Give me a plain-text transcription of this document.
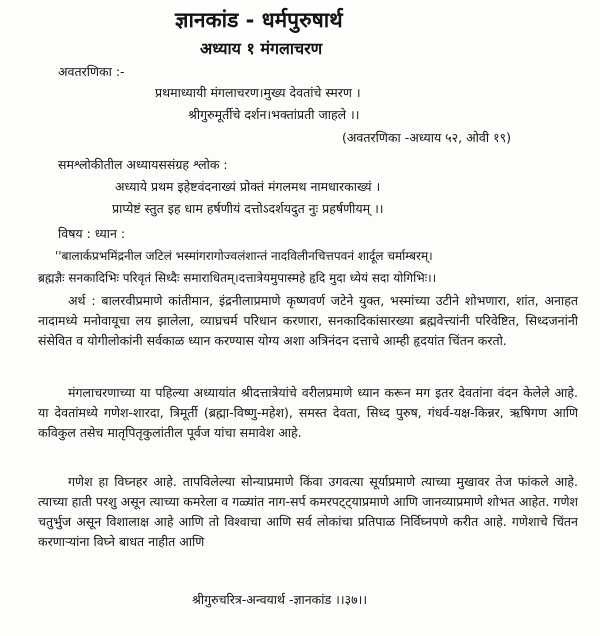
ज्ञानकांड - धर्मपुरुषार्थ
अध्याय १ मंगलाचरण
अवतरणिका :-
प्रथमाध्यायी मंगलाचरण।मुख्य देवतांचे स्मरण ।
श्रीगुरुमूर्तीचे दर्शन।भक्तांप्रती जाहले ।।
(अवतरणिका -अध्याय ५२, ओवी १९)
समश्लोकीतील अध्यायससंग्रह श्लोक :
अध्याये प्रथम इहेष्टवंदनाख्यं प्रोक्तं मंगलमथ नामधारकाख्यं ।
प्राप्येष्टं स्तुत इह धाम हर्षणीयं दत्तोऽदर्शयदुत नुः प्रहर्षणीयम् ।।
विषय : ध्यान :
''बालार्कप्रभमिंद्रनील जटिलं भस्मांगरागोज्वलंशान्तं नादविलीनचित्तपवनं शार्दूल चर्माम्बरम्।
ब्रह्मज्ञैः सनकादिभिः परिवृतं सिध्दैः समाराधितम्।दत्तात्रेयमुपास्महे हृदि मुदा ध्येयं सदा योगिभिः।।
अर्थ : बालरवीप्रमाणे कांतीमान, इंद्रनीलाप्रमाणे कृष्णवर्ण जटेने युक्त, भस्मांच्या उटीने शोभणारा, शांत, अनाहत नादामध्ये मनोवायूचा लय झालेला, व्याघ्रचर्म परिधान करणारा, सनकादिकांसारख्या ब्रह्मवेत्त्यांनी परिवेष्टित, सिध्दजनांनी संसेवित व योगीलोकांनी सर्वकाळ ध्यान करण्यास योग्य अशा अत्रिनंदन दत्ताचे आम्ही हृदयांत चिंतन करतो.
मंगलाचरणाच्या या पहिल्या अध्यायांत श्रीदत्तात्रेयांचे वरीलप्रमाणे ध्यान करून मग इतर देवतांना वंदन केलेले आहे. या देवतांमध्ये गणेश-शारदा, त्रिमूर्ती (ब्रह्मा-विष्णु-महेश), समस्त देवता, सिध्द पुरुष, गंधर्व-यक्ष-किन्नर, ऋषिगण आणि कविकुल तसेच मातृपितृकुलांतील पूर्वज यांचा समावेश आहे.
गणेश हा विघ्नहर आहे. तापविलेल्या सोन्याप्रमाणे किंवा उगवत्या सूर्याप्रमाणे त्याच्या मुखावर तेज फांकले आहे. त्याच्या हाती परशु असून त्याच्या कमरेला व गळ्यांत नाग-सर्प कमरपट्ट्याप्रमाणे आणि जानव्याप्रमाणे शोभत आहेत. गणेश चतुर्भुज असून विशालाक्ष आहे आणि तो विश्वाचा आणि सर्व लोकांचा प्रतिपाळ निर्विघ्नपणे करीत आहे. गणेशाचे चिंतन करणाऱ्यांना विघ्ने बाधत नाहीत आणि
श्रीगुरुचरित्र-अन्वयार्थ -ज्ञानकांड ।।३७।।
